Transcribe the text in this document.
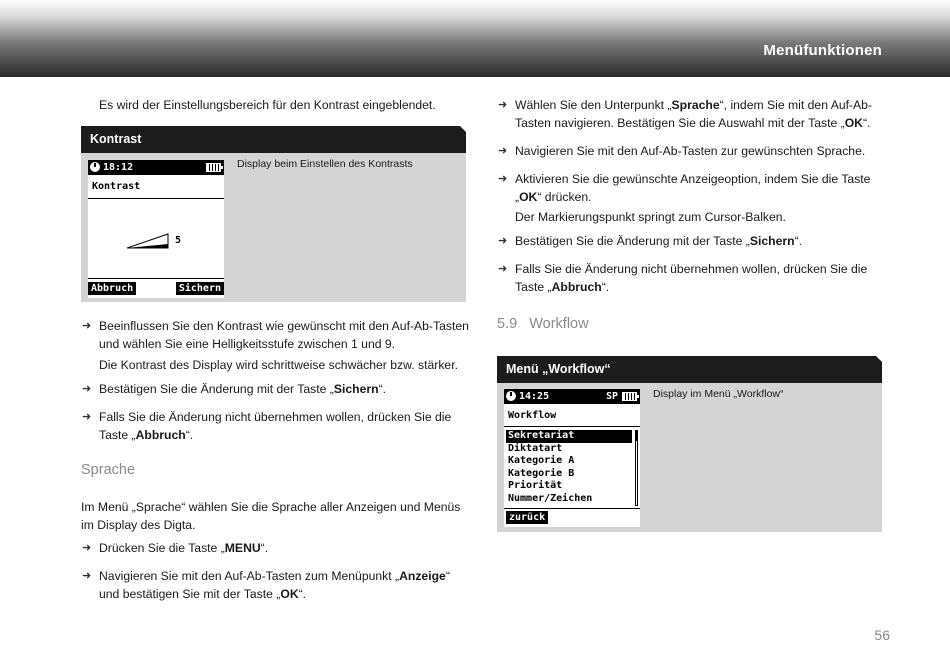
Menüfunktionen
Es wird der Einstellungsbereich für den Kontrast eingeblendet.
Kontrast
Display beim Einstellen des Kontrasts
18:12
Kontrast
5
Abbruch	Sichern
➜ Beeinflussen Sie den Kontrast wie gewünscht mit den Auf-Ab-Tasten
und wählen Sie eine Helligkeitsstufe zwischen 1 und 9.
Die Kontrast des Display wird schrittweise schwächer bzw. stärker.
➜ Bestätigen Sie die Änderung mit der Taste „Sichern“.
➜ Falls Sie die Änderung nicht übernehmen wollen, drücken Sie die
Taste „Abbruch“.
Sprache
Im Menü „Sprache“ wählen Sie die Sprache aller Anzeigen und Menüs
im Display des Digta.
➜ Drücken Sie die Taste „MENU“.
➜ Navigieren Sie mit den Auf-Ab-Tasten zum Menüpunkt „Anzeige“
und bestätigen Sie mit der Taste „OK“.
➜ Wählen Sie den Unterpunkt „Sprache“, indem Sie mit den Auf-Ab-
Tasten navigieren. Bestätigen Sie die Auswahl mit der Taste „OK“.
➜ Navigieren Sie mit den Auf-Ab-Tasten zur gewünschten Sprache.
➜ Aktivieren Sie die gewünschte Anzeigeoption, indem Sie die Taste
„OK“ drücken.
Der Markierungspunkt springt zum Cursor-Balken.
➜ Bestätigen Sie die Änderung mit der Taste „Sichern“.
➜ Falls Sie die Änderung nicht übernehmen wollen, drücken Sie die
Taste „Abbruch“.
5.9   Workflow
Menü „Workflow“
Display im Menü „Workflow“
14:25	SP
Workflow
Sekretariat
Diktatart
Kategorie A
Kategorie B
Priorität
Nummer/Zeichen
zurück
56
